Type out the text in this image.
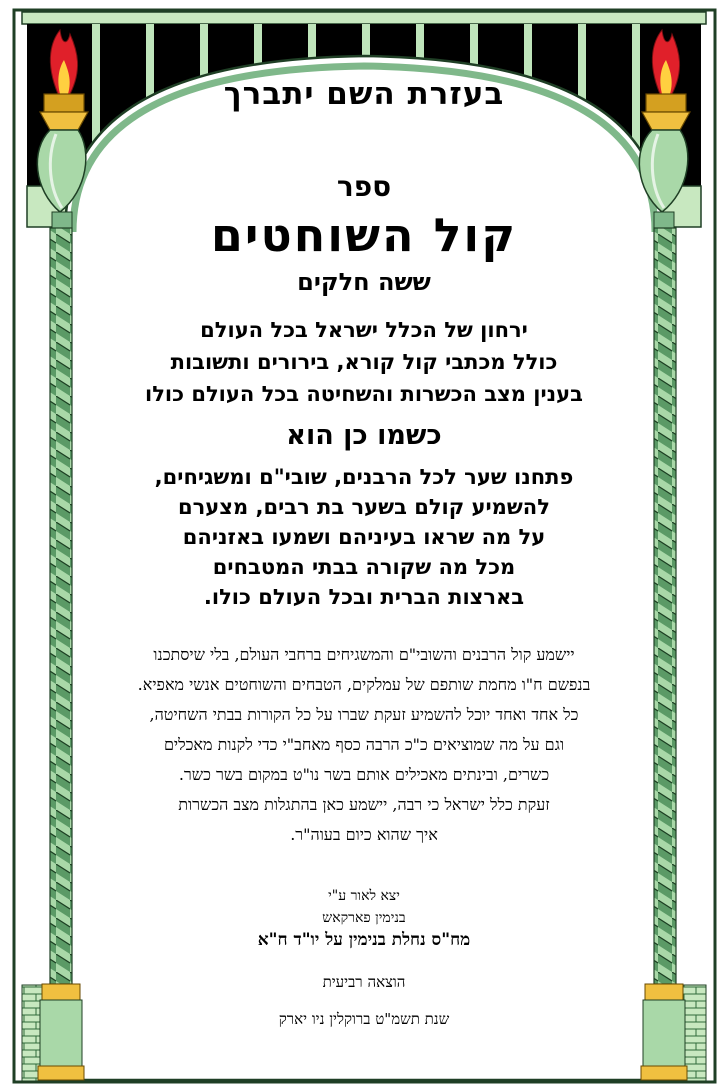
בעזרת השם יתברך
ספר
קול השוחטים
ששה חלקים
ירחון של הכלל ישראל בכל העולם
כולל מכתבי קול קורא, בירורים ותשובות
בענין מצב הכשרות והשחיטה בכל העולם כולו
כשמו כן הוא
פתחנו שער לכל הרבנים, שובי"ם ומשגיחים,
להשמיע קולם בשער בת רבים, מצערם
על מה שראו בעיניהם ושמעו באזניהם
מכל מה שקורה בבתי המטבחים
בארצות הברית ובכל העולם כולו.
יישמע קול הרבנים והשובי"ם והמשגיחים ברחבי העולם, בלי שיסתכנו
בנפשם ח"ו מחמת שותפם של עמלקים, הטבחים והשוחטים אנשי מאפיא.
כל אחד ואחד יוכל להשמיע זעקת שברו על כל הקורות בבתי השחיטה,
וגם על מה שמוציאים כ"כ הרבה כסף מאחב"י כדי לקנות מאכלים
כשרים, ובינתים מאכילים אותם בשר נו"ט במקום בשר כשר.
זעקת כלל ישראל כי רבה, יישמע כאן בהתגלות מצב הכשרות
איך שהוא כיום בעוה"ר.
יצא לאור ע"י
בנימין פארקאש
מח"ס נחלת בנימין על יו"ד ח"א
הוצאה רביעית
שנת תשמ"ט ברוקלין ניו יארק
